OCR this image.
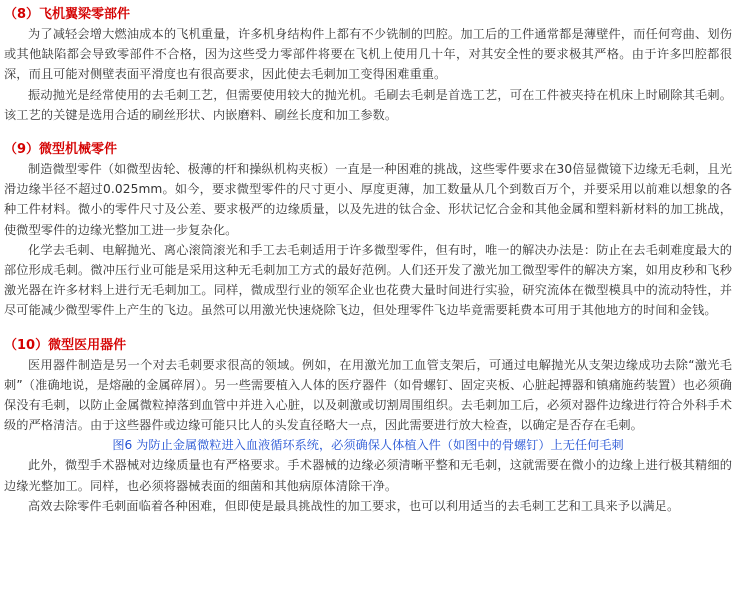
（8）飞机翼梁零部件

为了减轻会增大燃油成本的飞机重量，许多机身结构件上都有不少铣制的凹腔。加工后的工件通常都是薄壁件，而任何弯曲、划伤或其他缺陷都会导致零部件不合格，因为这些受力零部件将要在飞机上使用几十年，对其安全性的要求极其严格。由于许多凹腔都很深，而且可能对侧壁表面平滑度也有很高要求，因此使去毛刺加工变得困难重重。

振动抛光是经常使用的去毛刺工艺，但需要使用较大的抛光机。毛刷去毛刺是首选工艺，可在工件被夹持在机床上时刷除其毛刺。该工艺的关键是选用合适的刷丝形状、内嵌磨料、刷丝长度和加工参数。

（9）微型机械零件

制造微型零件（如微型齿轮、极薄的杆和操纵机构夹板）一直是一种困难的挑战，这些零件要求在30倍显微镜下边缘无毛刺，且光滑边缘半径不超过0.025mm。如今，要求微型零件的尺寸更小、厚度更薄，加工数量从几个到数百万个，并要采用以前难以想象的各种工件材料。微小的零件尺寸及公差、要求极严的边缘质量，以及先进的钛合金、形状记忆合金和其他金属和塑料新材料的加工挑战，使微型零件的边缘光整加工进一步复杂化。

化学去毛刺、电解抛光、离心滚筒滚光和手工去毛刺适用于许多微型零件，但有时，唯一的解决办法是：防止在去毛刺难度最大的部位形成毛刺。微冲压行业可能是采用这种无毛刺加工方式的最好范例。人们还开发了激光加工微型零件的解决方案，如用皮秒和飞秒激光器在许多材料上进行无毛刺加工。同样，微成型行业的领军企业也花费大量时间进行实验，研究流体在微型模具中的流动特性，并尽可能减少微型零件上产生的飞边。虽然可以用激光快速烧除飞边，但处理零件飞边毕竟需要耗费本可用于其他地方的时间和金钱。

（10）微型医用器件

医用器件制造是另一个对去毛刺要求很高的领域。例如，在用激光加工血管支架后，可通过电解抛光从支架边缘成功去除“激光毛刺”（准确地说，是熔融的金属碎屑）。另一些需要植入人体的医疗器件（如骨螺钉、固定夹板、心脏起搏器和镇痛施药装置）也必须确保没有毛刺，以防止金属微粒掉落到血管中并进入心脏，以及刺激或切割周围组织。去毛刺加工后，必须对器件边缘进行符合外科手术级的严格清洁。由于这些器件或边缘可能只比人的头发直径略大一点，因此需要进行放大检查，以确定是否存在毛刺。

图6 为防止金属微粒进入血液循环系统，必须确保人体植入件（如图中的骨螺钉）上无任何毛刺

此外，微型手术器械对边缘质量也有严格要求。手术器械的边缘必须清晰平整和无毛刺，这就需要在微小的边缘上进行极其精细的边缘光整加工。同样，也必须将器械表面的细菌和其他病原体清除干净。

高效去除零件毛刺面临着各种困难，但即使是最具挑战性的加工要求，也可以利用适当的去毛刺工艺和工具来予以满足。
